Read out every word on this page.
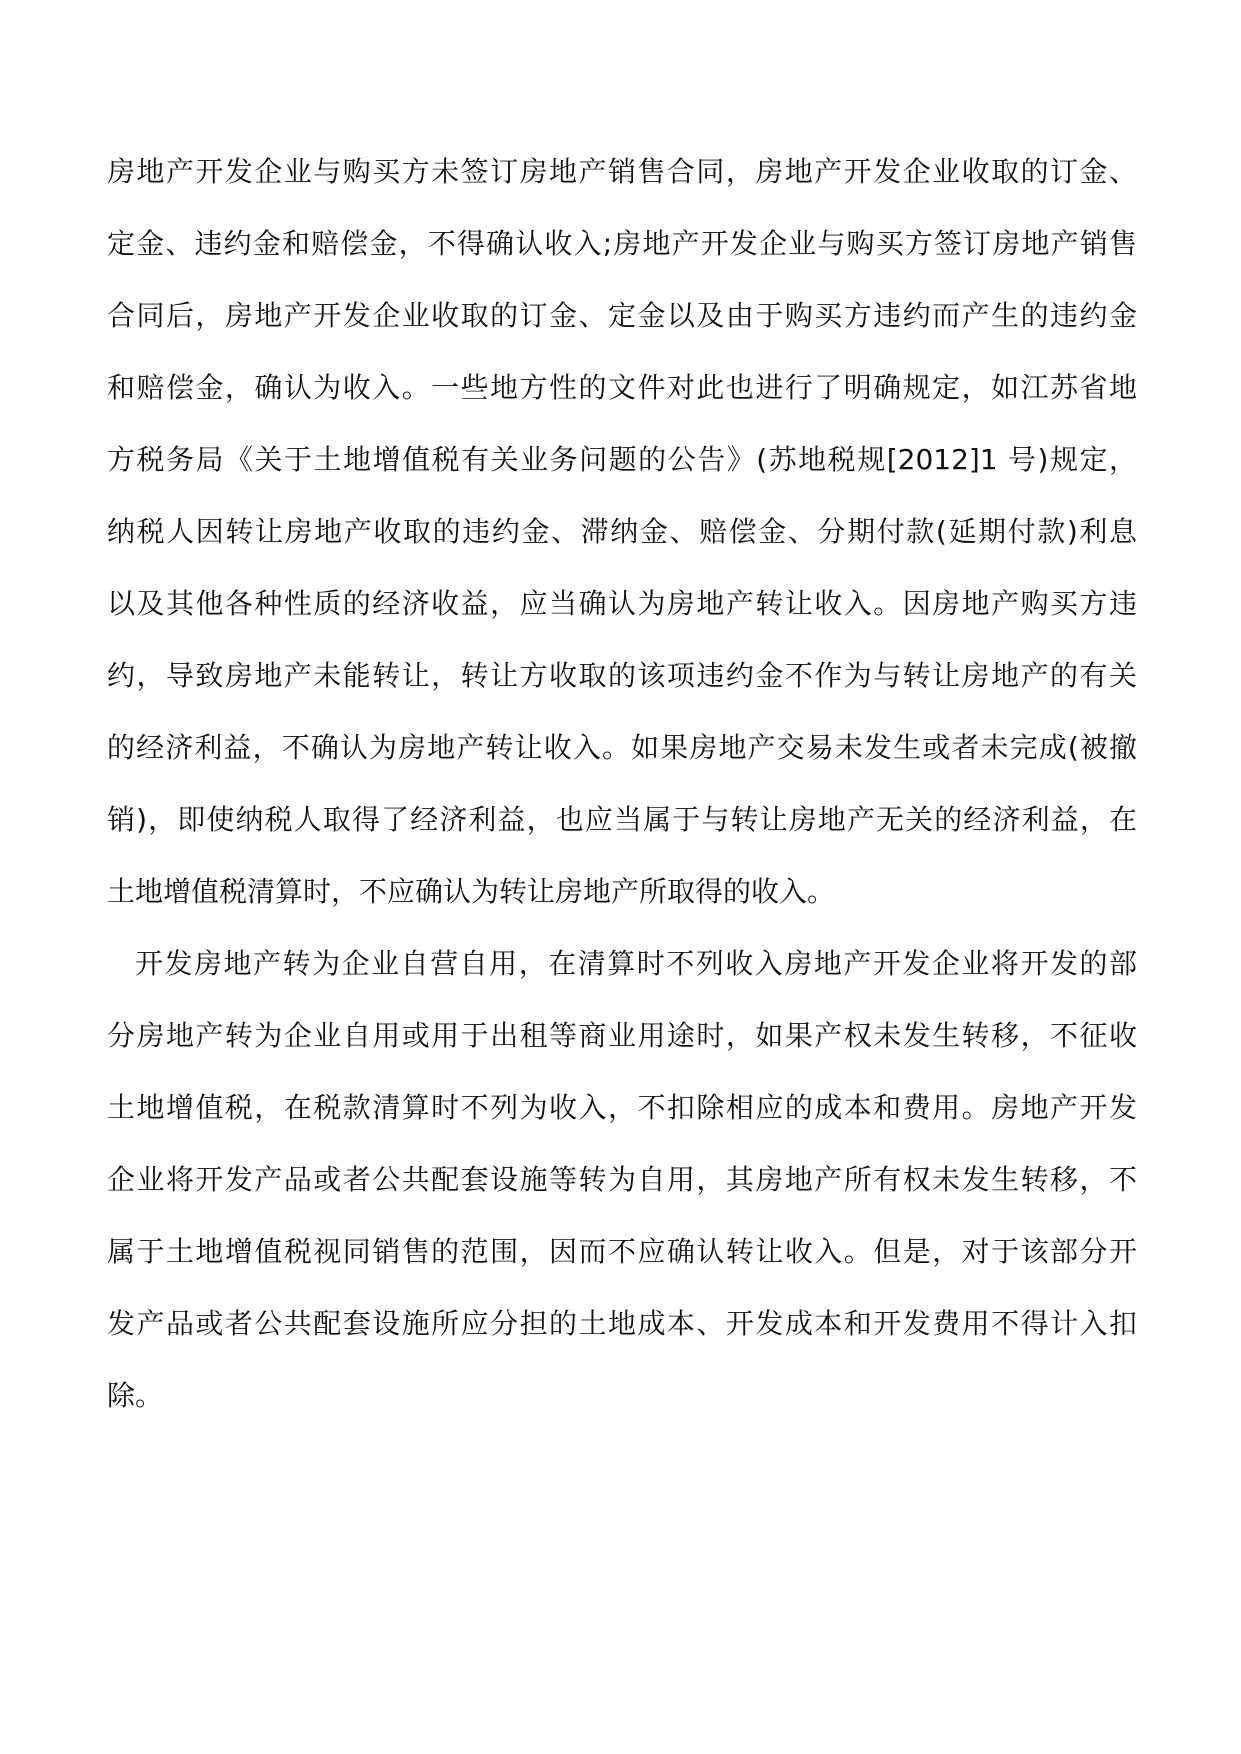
房地产开发企业与购买方未签订房地产销售合同，房地产开发企业收取的订金、
定金、违约金和赔偿金，不得确认收入;房地产开发企业与购买方签订房地产销售
合同后，房地产开发企业收取的订金、定金以及由于购买方违约而产生的违约金
和赔偿金，确认为收入。一些地方性的文件对此也进行了明确规定，如江苏省地
方税务局《关于土地增值税有关业务问题的公告》(苏地税规[2012]1 号)规定，
纳税人因转让房地产收取的违约金、滞纳金、赔偿金、分期付款(延期付款)利息
以及其他各种性质的经济收益，应当确认为房地产转让收入。因房地产购买方违
约，导致房地产未能转让，转让方收取的该项违约金不作为与转让房地产的有关
的经济利益，不确认为房地产转让收入。如果房地产交易未发生或者未完成(被撤
销)，即使纳税人取得了经济利益，也应当属于与转让房地产无关的经济利益，在
土地增值税清算时，不应确认为转让房地产所取得的收入。
开发房地产转为企业自营自用，在清算时不列收入房地产开发企业将开发的部
分房地产转为企业自用或用于出租等商业用途时，如果产权未发生转移，不征收
土地增值税，在税款清算时不列为收入，不扣除相应的成本和费用。房地产开发
企业将开发产品或者公共配套设施等转为自用，其房地产所有权未发生转移，不
属于土地增值税视同销售的范围，因而不应确认转让收入。但是，对于该部分开
发产品或者公共配套设施所应分担的土地成本、开发成本和开发费用不得计入扣
除。
